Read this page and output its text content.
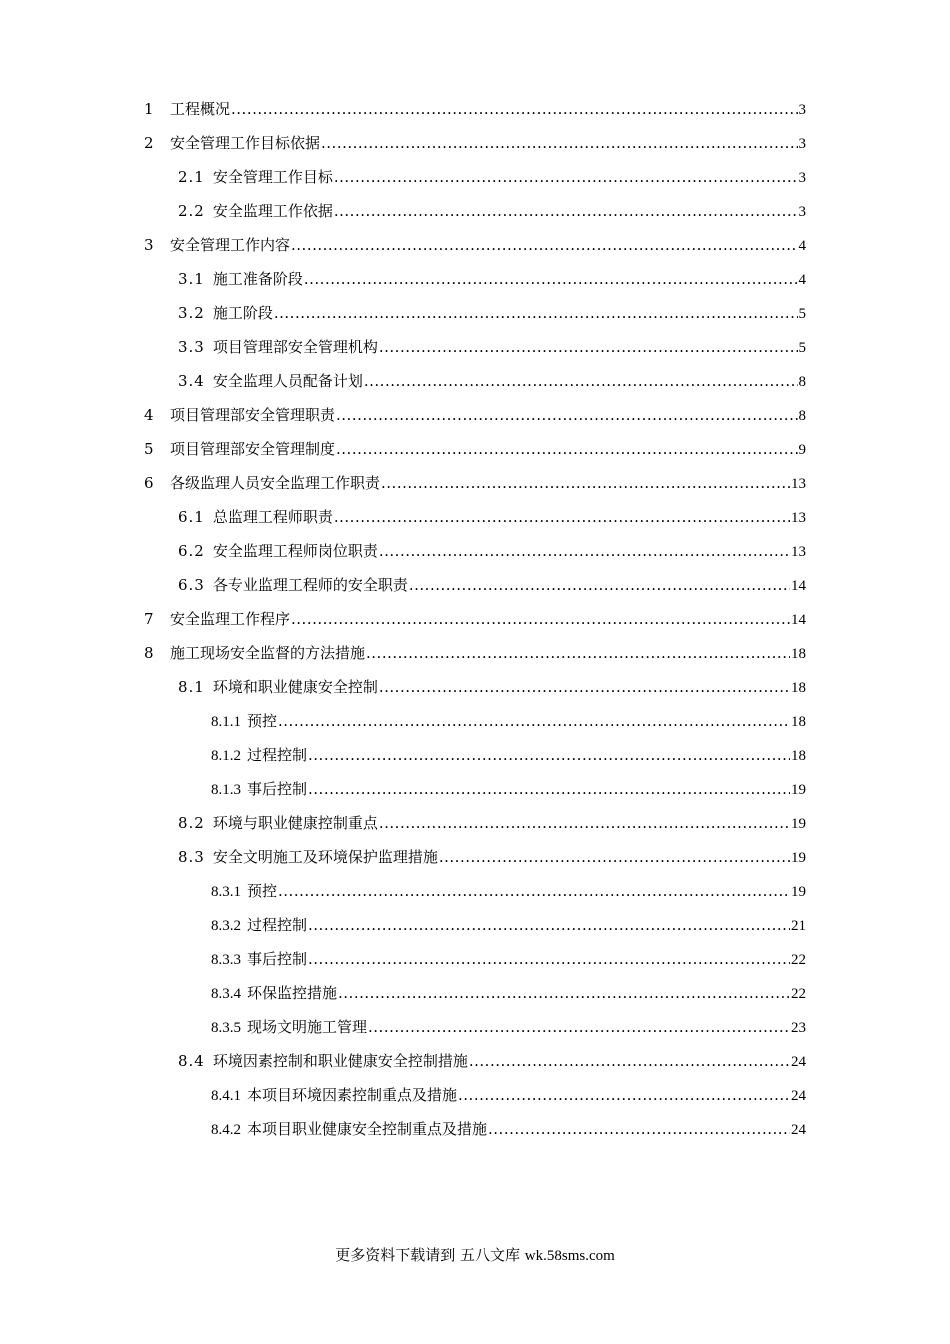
1 工程概况 .....	3
2 安全管理工作目标依据 .....	3
2.1 安全管理工作目标 .....	3
2.2 安全监理工作依据 .....	3
3 安全管理工作内容 .....	4
3.1 施工准备阶段 .....	4
3.2 施工阶段 .....	5
3.3 项目管理部安全管理机构 .....	5
3.4 安全监理人员配备计划 .....	8
4 项目管理部安全管理职责 .....	8
5 项目管理部安全管理制度 .....	9
6 各级监理人员安全监理工作职责 .....	13
6.1 总监理工程师职责 .....	13
6.2 安全监理工程师岗位职责 .....	13
6.3 各专业监理工程师的安全职责 .....	14
7 安全监理工作程序 .....	14
8 施工现场安全监督的方法措施 .....	18
8.1 环境和职业健康安全控制 .....	18
8.1.1 预控 .....	18
8.1.2 过程控制 .....	18
8.1.3 事后控制 .....	19
8.2 环境与职业健康控制重点 .....	19
8.3 安全文明施工及环境保护监理措施 .....	19
8.3.1 预控 .....	19
8.3.2 过程控制 .....	21
8.3.3 事后控制 .....	22
8.3.4 环保监控措施 .....	22
8.3.5 现场文明施工管理 .....	23
8.4 环境因素控制和职业健康安全控制措施 .....	24
8.4.1 本项目环境因素控制重点及措施 .....	24
8.4.2 本项目职业健康安全控制重点及措施 .....	24
更多资料下载请到 五八文库 wk.58sms.com
